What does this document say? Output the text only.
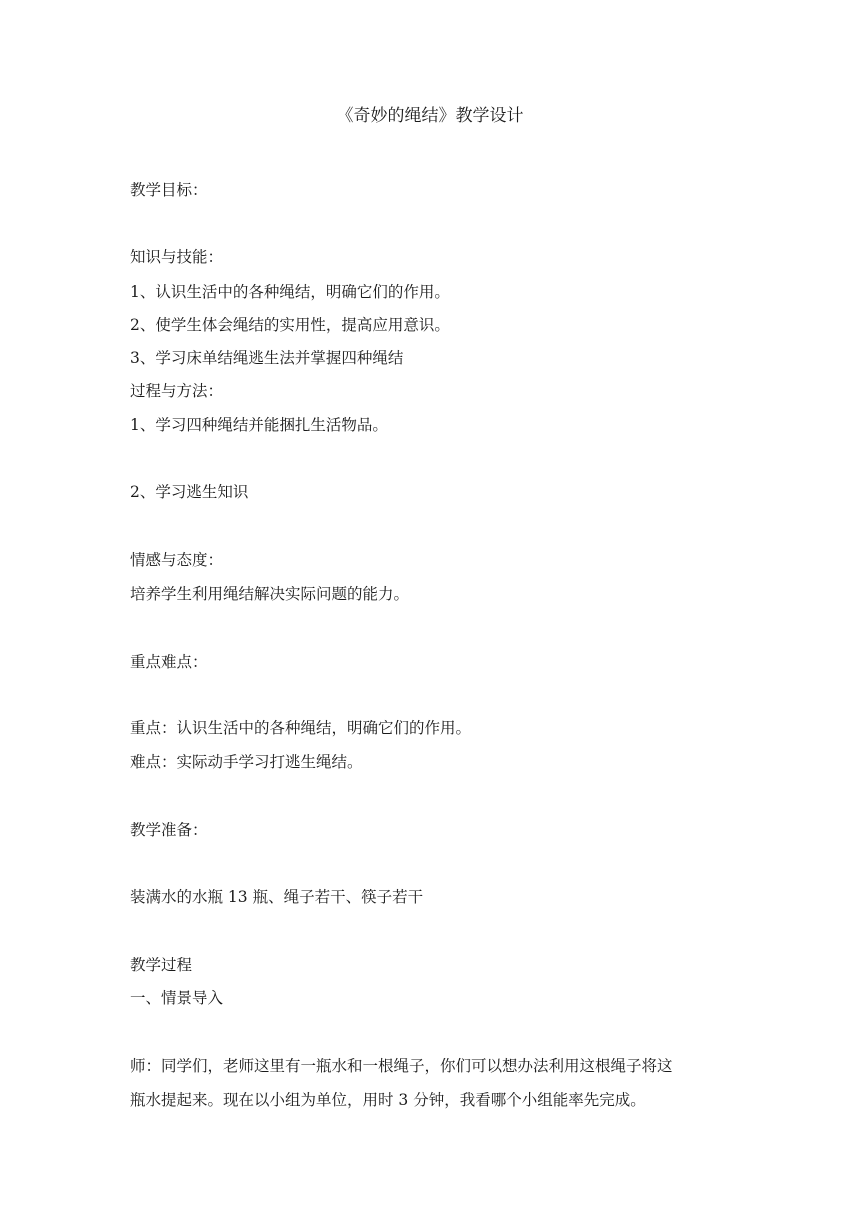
《奇妙的绳结》教学设计
教学目标：
知识与技能：
1、认识生活中的各种绳结，明确它们的作用。
2、使学生体会绳结的实用性，提高应用意识。
3、学习床单结绳逃生法并掌握四种绳结
过程与方法：
1、学习四种绳结并能捆扎生活物品。
2、学习逃生知识
情感与态度：
培养学生利用绳结解决实际问题的能力。
重点难点：
重点：认识生活中的各种绳结，明确它们的作用。
难点：实际动手学习打逃生绳结。
教学准备：
装满水的水瓶 13 瓶、绳子若干、筷子若干
教学过程
一、情景导入
师：同学们，老师这里有一瓶水和一根绳子，你们可以想办法利用这根绳子将这
瓶水提起来。现在以小组为单位，用时 3 分钟，我看哪个小组能率先完成。
